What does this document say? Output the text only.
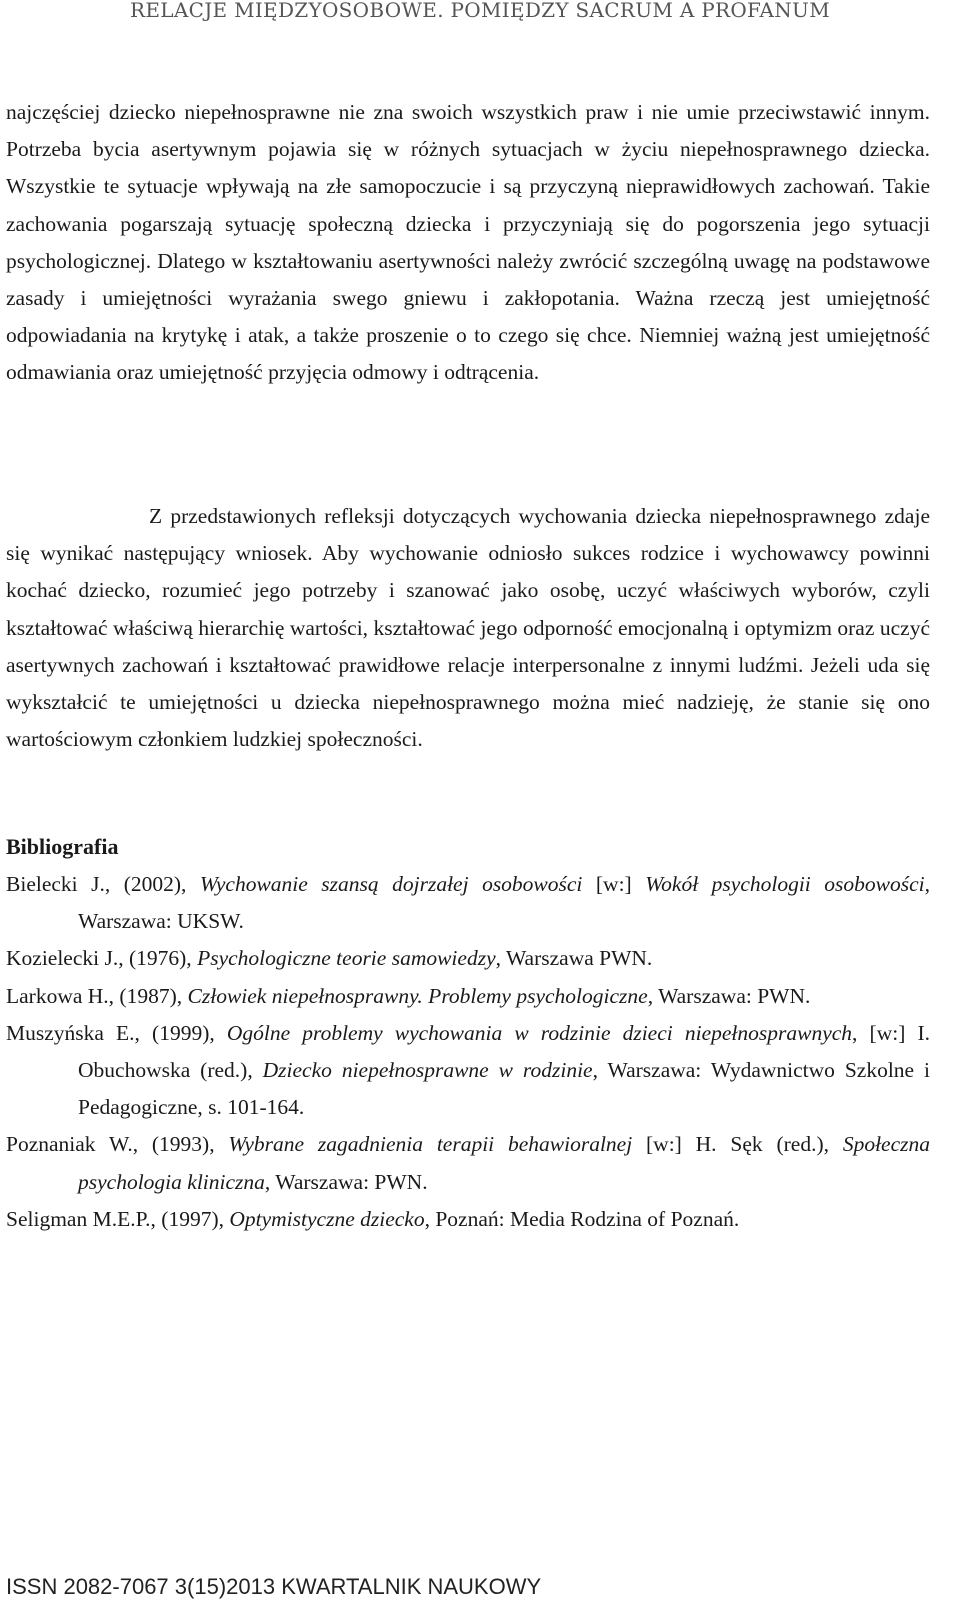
RELACJE MIĘDZYOSOBOWE. POMIĘDZY SACRUM A PROFANUM
najczęściej dziecko niepełnosprawne nie zna swoich wszystkich praw i nie umie przeciwstawić innym. Potrzeba bycia asertywnym pojawia się w różnych sytuacjach w życiu niepełnosprawnego dziecka. Wszystkie te sytuacje wpływają na złe samopoczucie i są przyczyną nieprawidłowych zachowań. Takie zachowania pogarszają sytuację społeczną dziecka i przyczyniają się do pogorszenia jego sytuacji psychologicznej. Dlatego w kształtowaniu asertywności należy zwrócić szczególną uwagę na podstawowe zasady i umiejętności wyrażania swego gniewu i zakłopotania. Ważna rzeczą jest umiejętność odpowiadania na krytykę i atak, a także proszenie o to czego się chce. Niemniej ważną jest umiejętność odmawiania oraz umiejętność przyjęcia odmowy i odtrącenia.
Z przedstawionych refleksji dotyczących wychowania dziecka niepełnosprawnego zdaje się wynikać następujący wniosek. Aby wychowanie odniosło sukces rodzice i wychowawcy powinni kochać dziecko, rozumieć jego potrzeby i szanować jako osobę, uczyć właściwych wyborów, czyli kształtować właściwą hierarchię wartości, kształtować jego odporność emocjonalną i optymizm oraz uczyć asertywnych zachowań i kształtować prawidłowe relacje interpersonalne z innymi ludźmi. Jeżeli uda się wykształcić te umiejętności u dziecka niepełnosprawnego można mieć nadzieję, że stanie się ono wartościowym członkiem ludzkiej społeczności.
Bibliografia
Bielecki J., (2002), Wychowanie szansą dojrzałej osobowości [w:] Wokół psychologii osobowości, Warszawa: UKSW.
Kozielecki J., (1976), Psychologiczne teorie samowiedzy, Warszawa PWN.
Larkowa H., (1987), Człowiek niepełnosprawny. Problemy psychologiczne, Warszawa: PWN.
Muszyńska E., (1999), Ogólne problemy wychowania w rodzinie dzieci niepełnosprawnych, [w:] I. Obuchowska (red.), Dziecko niepełnosprawne w rodzinie, Warszawa: Wydawnictwo Szkolne i Pedagogiczne, s. 101-164.
Poznaniak W., (1993), Wybrane zagadnienia terapii behawioralnej [w:] H. Sęk (red.), Społeczna psychologia kliniczna, Warszawa: PWN.
Seligman M.E.P., (1997), Optymistyczne dziecko, Poznań: Media Rodzina of Poznań.
ISSN 2082-7067 3(15)2013 KWARTALNIK NAUKOWY
